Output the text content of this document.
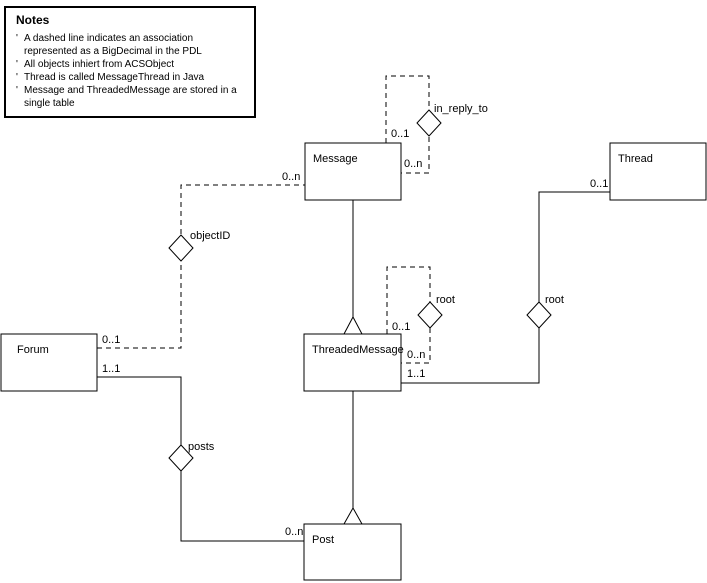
Message	Thread
Forum	ThreadedMessage
Post
in_reply_to
objectID
root	root
posts
0..1
0..n
0..n
0..1
1..1
0..1
0..n
1..1
0..1
0..n
Notes
' A dashed line indicates an association represented as a BigDecimal in the PDL
' All objects inhiert from ACSObject
' Thread is called MessageThread in Java
' Message and ThreadedMessage are stored in a single table
